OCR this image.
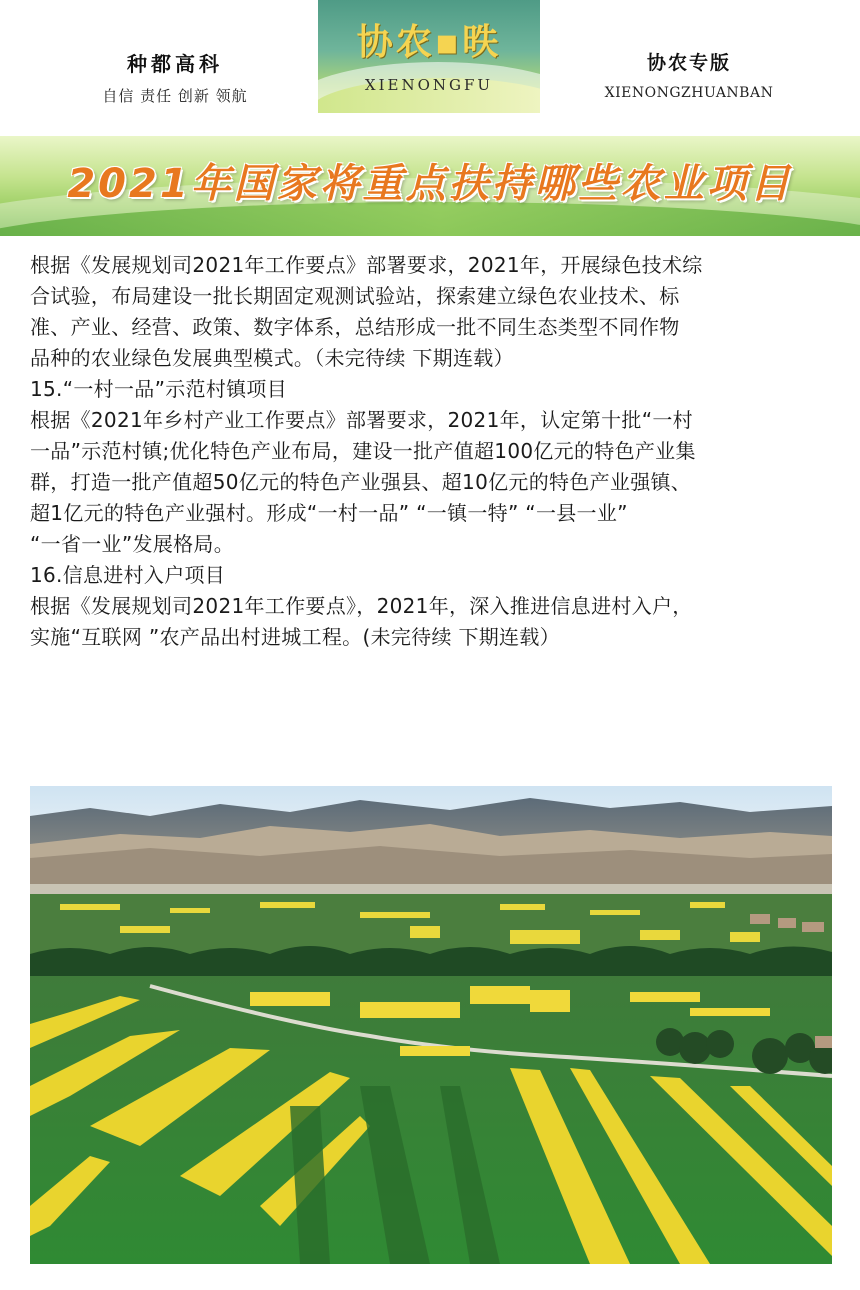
种都高科
自信 责任 创新 领航
协农▪昳
XIENONGFU
协农专版
XIENONGZHUANBAN
2021年国家将重点扶持哪些农业项目
根据《发展规划司2021年工作要点》部署要求，2021年，开展绿色技术综
合试验，布局建设一批长期固定观测试验站，探索建立绿色农业技术、标
准、产业、经营、政策、数字体系，总结形成一批不同生态类型不同作物
品种的农业绿色发展典型模式。（未完待续 下期连载）
15.“一村一品”示范村镇项目
根据《2021年乡村产业工作要点》部署要求，2021年，认定第十批“一村
一品”示范村镇;优化特色产业布局，建设一批产值超100亿元的特色产业集
群，打造一批产值超50亿元的特色产业强县、超10亿元的特色产业强镇、
超1亿元的特色产业强村。形成“一村一品” “一镇一特” “一县一业”
“一省一业”发展格局。
16.信息进村入户项目
根据《发展规划司2021年工作要点》，2021年，深入推进信息进村入户，
实施“互联网 ”农产品出村进城工程。(未完待续 下期连载）
